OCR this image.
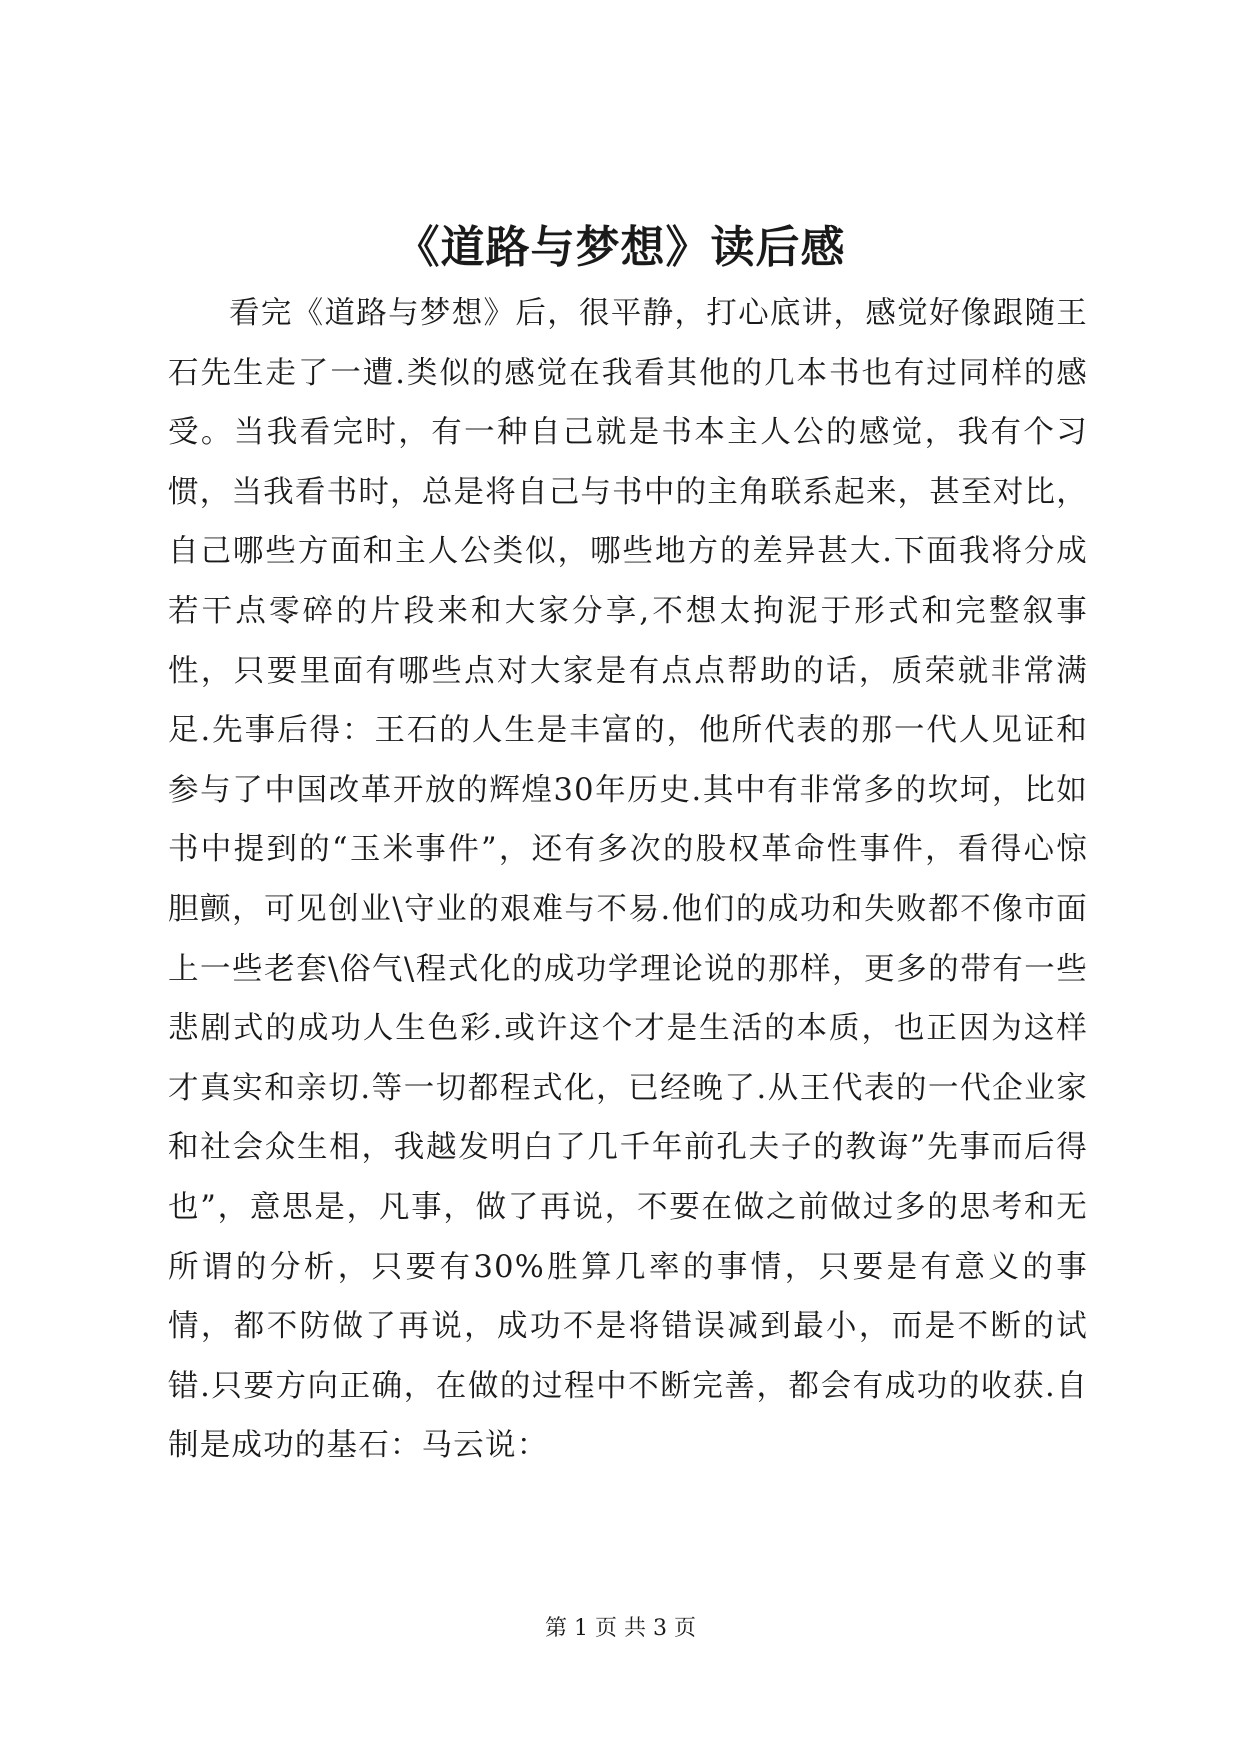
《道路与梦想》读后感

看完《道路与梦想》后，很平静，打心底讲，感觉好像跟随王石先生走了一遭.类似的感觉在我看其他的几本书也有过同样的感受。当我看完时，有一种自己就是书本主人公的感觉，我有个习惯，当我看书时，总是将自己与书中的主角联系起来，甚至对比，自己哪些方面和主人公类似，哪些地方的差异甚大.下面我将分成若干点零碎的片段来和大家分享,不想太拘泥于形式和完整叙事性，只要里面有哪些点对大家是有点点帮助的话，质荣就非常满足.先事后得：王石的人生是丰富的，他所代表的那一代人见证和参与了中国改革开放的辉煌30年历史.其中有非常多的坎坷，比如书中提到的“玉米事件”，还有多次的股权革命性事件，看得心惊胆颤，可见创业\守业的艰难与不易.他们的成功和失败都不像市面上一些老套\俗气\程式化的成功学理论说的那样，更多的带有一些悲剧式的成功人生色彩.或许这个才是生活的本质，也正因为这样才真实和亲切.等一切都程式化，已经晚了.从王代表的一代企业家和社会众生相，我越发明白了几千年前孔夫子的教诲”先事而后得也”，意思是，凡事，做了再说，不要在做之前做过多的思考和无所谓的分析，只要有30%胜算几率的事情，只要是有意义的事情，都不防做了再说，成功不是将错误减到最小，而是不断的试错.只要方向正确，在做的过程中不断完善，都会有成功的收获.自制是成功的基石：马云说：

第 1 页 共 3 页
